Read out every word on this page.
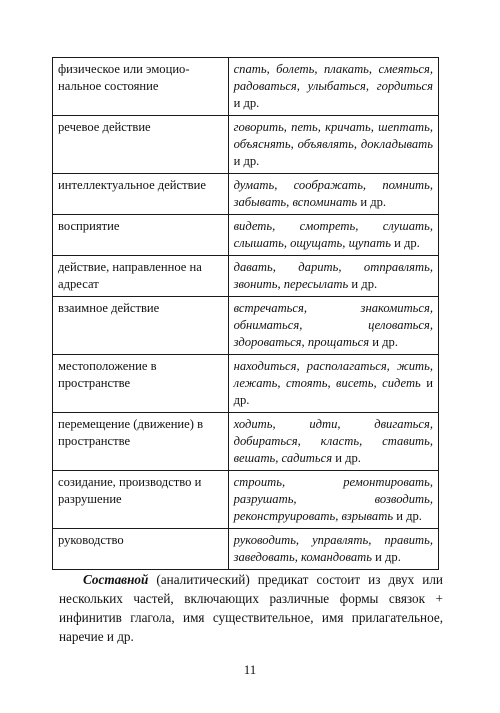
физическое или эмоцио-нальное состояние	спать, болеть, плакать, смеяться, радоваться, улыбаться, гордиться и др.

речевое действие	говорить, петь, кричать, шептать, объяснять, объявлять, докладывать и др.

интеллектуальное действие	думать, соображать, помнить, забывать, вспоминать и др.

восприятие	видеть, смотреть, слушать, слышать, ощущать, щупать и др.

действие, направленное на адресат	давать, дарить, отправлять, звонить, пересылать и др.

взаимное действие	встречаться, знакомиться, обниматься, целоваться, здороваться, прощаться и др.

местоположение в пространстве	находиться, располагаться, жить, лежать, стоять, висеть, сидеть и др.

перемещение (движение) в пространстве	ходить, идти, двигаться, добираться, класть, ставить, вешать, садиться и др.

созидание, производство и разрушение	строить, ремонтировать, разрушать, возводить, реконструировать, взрывать и др.

руководство	руководить, управлять, править, заведовать, командовать и др.

Составной (аналитический) предикат состоит из двух или нескольких частей, включающих различные формы связок + инфинитив глагола, имя существительное, имя прилагательное, наречие и др.

11
